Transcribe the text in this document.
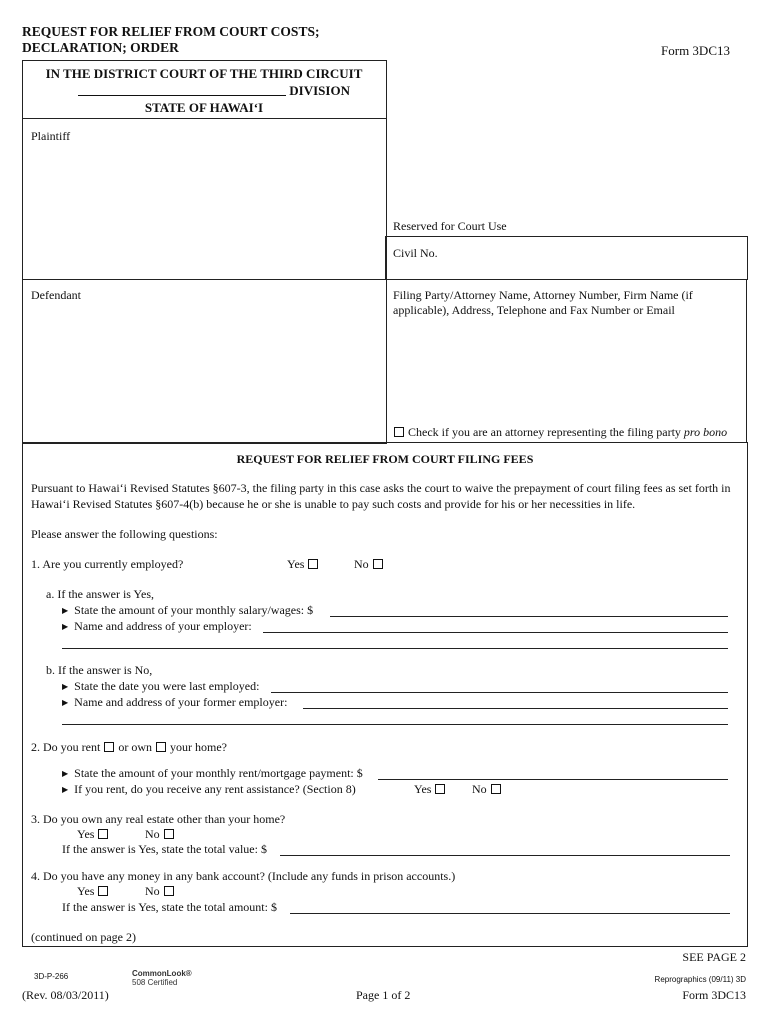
REQUEST FOR RELIEF FROM COURT COSTS;
DECLARATION; ORDER	Form 3DC13
IN THE DISTRICT COURT OF THE THIRD CIRCUIT
DIVISION
STATE OF HAWAI‘I
Plaintiff
Defendant
Reserved for Court Use
Civil No.
Filing Party/Attorney Name, Attorney Number, Firm Name (if applicable), Address, Telephone and Fax Number or Email
Check if you are an attorney representing the filing party pro bono
REQUEST FOR RELIEF FROM COURT FILING FEES
Pursuant to Hawai‘i Revised Statutes §607-3, the filing party in this case asks the court to waive the prepayment of court filing fees as set forth in Hawai‘i Revised Statutes §607-4(b) because he or she is unable to pay such costs and provide for his or her necessities in life.
Please answer the following questions:
1. Are you currently employed?	Yes	No
a. If the answer is Yes,
▶ State the amount of your monthly salary/wages: $
▶ Name and address of your employer:
b. If the answer is No,
▶ State the date you were last employed:
▶ Name and address of your former employer:
2. Do you rent or own your home?
▶ State the amount of your monthly rent/mortgage payment: $
▶ If you rent, do you receive any rent assistance? (Section 8)	Yes	No
3. Do you own any real estate other than your home?
Yes	No
If the answer is Yes, state the total value: $
4. Do you have any money in any bank account? (Include any funds in prison accounts.)
Yes	No
If the answer is Yes, state the total amount: $
(continued on page 2)
SEE PAGE 2
3D-P-266	CommonLook®
508 Certified
(Rev. 08/03/2011)	Page 1 of 2
Reprographics (09/11) 3D
Form 3DC13
